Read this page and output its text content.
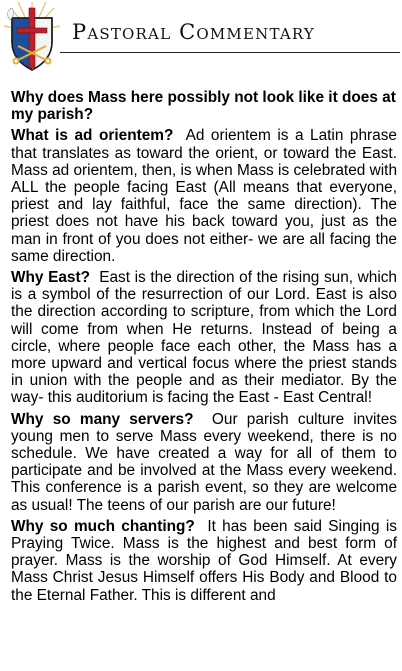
Pastoral Commentary
Why does Mass here possibly not look like it does at my parish?

What is ad orientem? Ad orientem is a Latin phrase that translates as toward the orient, or toward the East. Mass ad orientem, then, is when Mass is celebrated with ALL the people facing East (All means that everyone, priest and lay faithful, face the same direction). The priest does not have his back toward you, just as the man in front of you does not either- we are all facing the same direction.

Why East? East is the direction of the rising sun, which is a symbol of the resurrection of our Lord. East is also the direction according to scripture, from which the Lord will come from when He returns. Instead of being a circle, where people face each other, the Mass has a more upward and vertical focus where the priest stands in union with the people and as their mediator. By the way- this auditorium is facing the East - East Central!

Why so many servers? Our parish culture invites young men to serve Mass every weekend, there is no schedule. We have created a way for all of them to participate and be involved at the Mass every weekend. This conference is a parish event, so they are welcome as usual! The teens of our parish are our future!

Why so much chanting? It has been said Singing is Praying Twice. Mass is the highest and best form of prayer. Mass is the worship of God Himself. At every Mass Christ Jesus Himself offers His Body and Blood to the Eternal Father. This is different and
